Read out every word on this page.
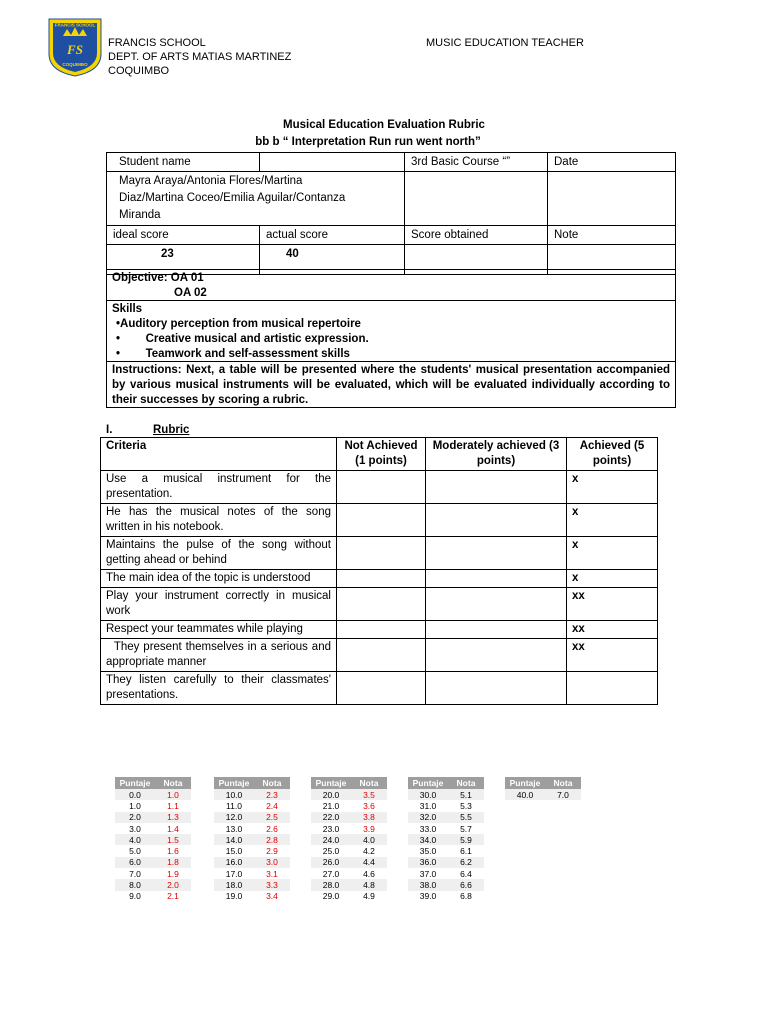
FS
FRANCIS SCHOOL
COQUIMBO
FRANCIS SCHOOL
DEPT. OF ARTS MATIAS MARTINEZ
COQUIMBO
MUSIC EDUCATION TEACHER
Musical Education Evaluation Rubric
bb b “ Interpretation Run run went north”
Student name		3rd Basic Course “”	Date

Mayra Araya/Antonia Flores/Martina Diaz/Martina Coceo/Emilia Aguilar/Contanza Miranda			

ideal score	actual score	Score obtained	Note
23	40		
Objective: OA 01
OA 02
Skills
•Auditory perception from musical repertoire
•        Creative musical and artistic expression.
•        Teamwork and self-assessment skills
Instructions: Next, a table will be presented where the students' musical presentation accompanied by various musical instruments will be evaluated, which will be evaluated individually according to their successes by scoring a rubric.
I.	Rubric
Criteria	Not Achieved (1 points)	Moderately achieved (3 points)	Achieved (5 points)
Use a musical instrument for the presentation.			x
He has the musical notes of the song written in his notebook.			x
Maintains the pulse of the song without getting ahead or behind			x
The main idea of the topic is understood			x
Play your instrument correctly in musical work			xx
Respect your teammates while playing			xx
They present themselves in a serious and appropriate manner			xx
They listen carefully to their classmates' presentations.			
Puntaje	Nota
0.0	1.0
1.0	1.1
2.0	1.3
3.0	1.4
4.0	1.5
5.0	1.6
6.0	1.8
7.0	1.9
8.0	2.0
9.0	2.1
Puntaje	Nota
10.0	2.3
11.0	2.4
12.0	2.5
13.0	2.6
14.0	2.8
15.0	2.9
16.0	3.0
17.0	3.1
18.0	3.3
19.0	3.4
Puntaje	Nota
20.0	3.5
21.0	3.6
22.0	3.8
23.0	3.9
24.0	4.0
25.0	4.2
26.0	4.4
27.0	4.6
28.0	4.8
29.0	4.9
Puntaje	Nota
30.0	5.1
31.0	5.3
32.0	5.5
33.0	5.7
34.0	5.9
35.0	6.1
36.0	6.2
37.0	6.4
38.0	6.6
39.0	6.8
Puntaje	Nota
40.0	7.0
